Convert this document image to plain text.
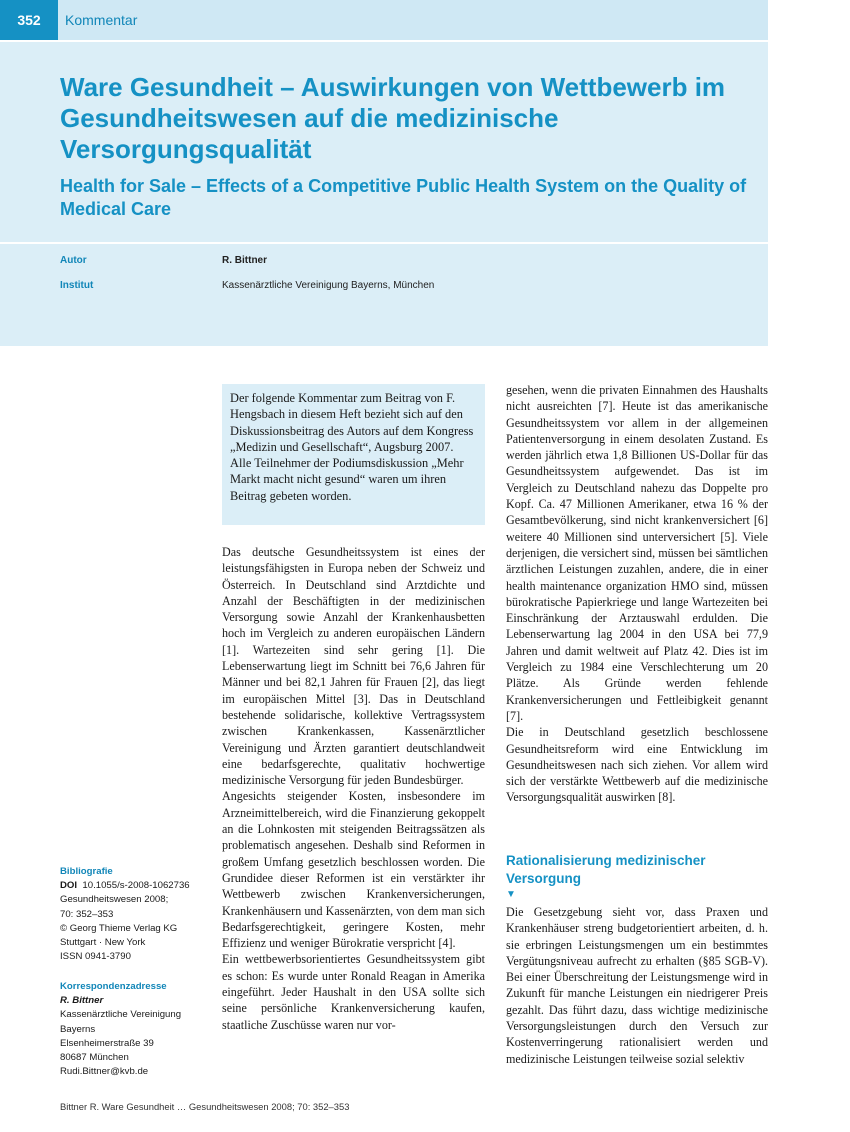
352	Kommentar
Ware Gesundheit – Auswirkungen von Wettbewerb im Gesundheitswesen auf die medizinische Versorgungsqualität
Health for Sale – Effects of a Competitive Public Health System on the Quality of Medical Care
Autor	R. Bittner
Institut	Kassenärztliche Vereinigung Bayerns, München

Der folgende Kommentar zum Beitrag von F. Hengsbach in diesem Heft bezieht sich auf den Diskussionsbeitrag des Autors auf dem Kongress „Medizin und Gesellschaft“, Augsburg 2007. Alle Teilnehmer der Podiumsdiskussion „Mehr Markt macht nicht gesund“ waren um ihren Beitrag gebeten worden.

Das deutsche Gesundheitssystem ist eines der leistungsfähigsten in Europa neben der Schweiz und Österreich. In Deutschland sind Arztdichte und Anzahl der Beschäftigten in der medizinischen Versorgung sowie Anzahl der Krankenhausbetten hoch im Vergleich zu anderen europäischen Ländern [1]. Wartezeiten sind sehr gering [1]. Die Lebenserwartung liegt im Schnitt bei 76,6 Jahren für Männer und bei 82,1 Jahren für Frauen [2], das liegt im europäischen Mittel [3]. Das in Deutschland bestehende solidarische, kollektive Vertragssystem zwischen Krankenkassen, Kassenärztlicher Vereinigung und Ärzten garantiert deutschlandweit eine bedarfsgerechte, qualitativ hochwertige medizinische Versorgung für jeden Bundesbürger.

Angesichts steigender Kosten, insbesondere im Arzneimittelbereich, wird die Finanzierung gekoppelt an die Lohnkosten mit steigenden Beitragssätzen als problematisch angesehen. Deshalb sind Reformen in großem Umfang gesetzlich beschlossen worden. Die Grundidee dieser Reformen ist ein verstärkter ihr Wettbewerb zwischen Krankenversicherungen, Krankenhäusern und Kassenärzten, von dem man sich Bedarfsgerechtigkeit, geringere Kosten, mehr Effizienz und weniger Bürokratie verspricht [4].

Ein wettbewerbsorientiertes Gesundheitssystem gibt es schon: Es wurde unter Ronald Reagan in Amerika eingeführt. Jeder Haushalt in den USA sollte sich seine persönliche Krankenversicherung kaufen, staatliche Zuschüsse waren nur vor-

gesehen, wenn die privaten Einnahmen des Haushalts nicht ausreichten [7]. Heute ist das amerikanische Gesundheitssystem vor allem in der allgemeinen Patientenversorgung in einem desolaten Zustand. Es werden jährlich etwa 1,8 Billionen US-Dollar für das Gesundheitssystem aufgewendet. Das ist im Vergleich zu Deutschland nahezu das Doppelte pro Kopf. Ca. 47 Millionen Amerikaner, etwa 16 % der Gesamtbevölkerung, sind nicht krankenversichert [6] weitere 40 Millionen sind unterversichert [5]. Viele derjenigen, die versichert sind, müssen bei sämtlichen ärztlichen Leistungen zuzahlen, andere, die in einer health maintenance organization HMO sind, müssen bürokratische Papierkriege und lange Wartezeiten bei Einschränkung der Arztauswahl erdulden. Die Lebenserwartung lag 2004 in den USA bei 77,9 Jahren und damit weltweit auf Platz 42. Dies ist im Vergleich zu 1984 eine Verschlechterung um 20 Plätze. Als Gründe werden fehlende Krankenversicherungen und Fettleibigkeit genannt [7].

Die in Deutschland gesetzlich beschlossene Gesundheitsreform wird eine Entwicklung im Gesundheitswesen nach sich ziehen. Vor allem wird sich der verstärkte Wettbewerb auf die medizinische Versorgungsqualität auswirken [8].

Rationalisierung medizinischer Versorgung
▼

Die Gesetzgebung sieht vor, dass Praxen und Krankenhäuser streng budgetorientiert arbeiten, d. h. sie erbringen Leistungsmengen um ein bestimmtes Vergütungsniveau aufrecht zu erhalten (§85 SGB-V). Bei einer Überschreitung der Leistungsmenge wird in Zukunft für manche Leistungen ein niedrigerer Preis gezahlt. Das führt dazu, dass wichtige medizinische Versorgungsleistungen durch den Versuch zur Kostenverringerung rationalisiert werden und medizinische Leistungen teilweise sozial selektiv

Bibliografie
DOI 10.1055/s-2008-1062736
Gesundheitswesen 2008;
70: 352–353
© Georg Thieme Verlag KG
Stuttgart · New York
ISSN 0941-3790
Korrespondenzadresse
R. Bittner
Kassenärztliche Vereinigung
Bayerns
Elsenheimerstraße 39
80687 München
Rudi.Bittner@kvb.de
Bittner R. Ware Gesundheit … Gesundheitswesen 2008; 70: 352–353
